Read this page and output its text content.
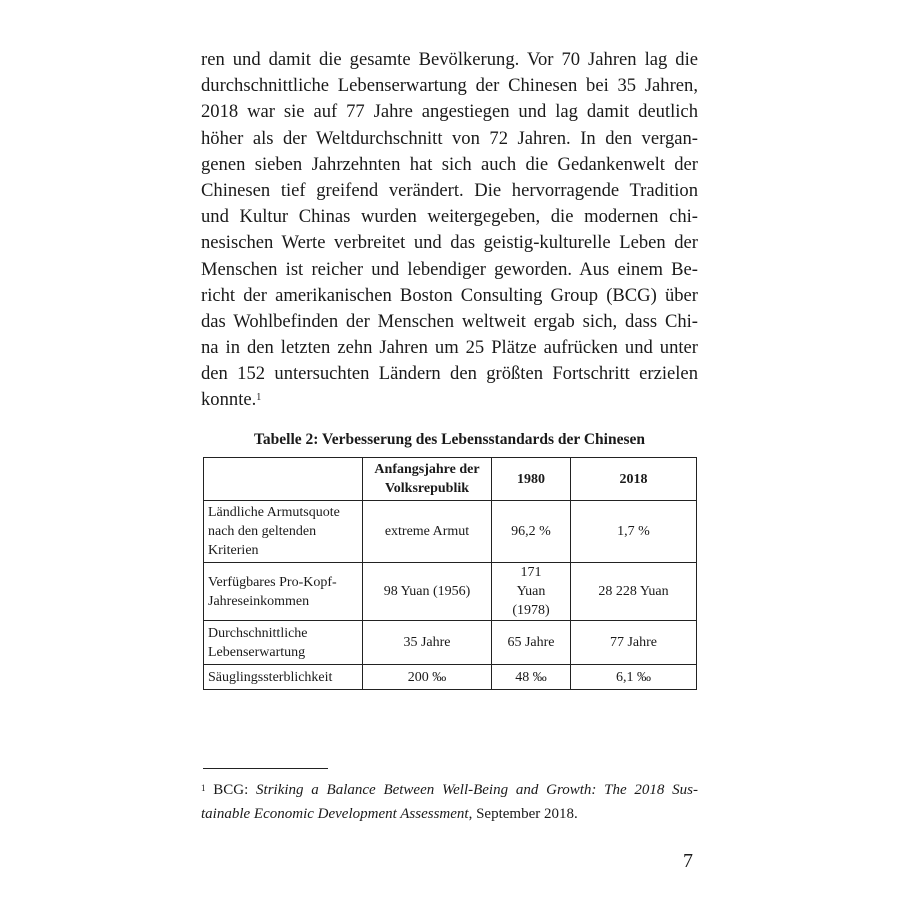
ren und damit die gesamte Bevölkerung. Vor 70 Jahren lag die
durchschnittliche Lebenserwartung der Chinesen bei 35 Jahren,
2018 war sie auf 77 Jahre angestiegen und lag damit deutlich
höher als der Weltdurchschnitt von 72 Jahren. In den vergan-
genen sieben Jahrzehnten hat sich auch die Gedankenwelt der
Chinesen tief greifend verändert. Die hervorragende Tradition
und Kultur Chinas wurden weitergegeben, die modernen chi-
nesischen Werte verbreitet und das geistig-kulturelle Leben der
Menschen ist reicher und lebendiger geworden. Aus einem Be-
richt der amerikanischen Boston Consulting Group (BCG) über
das Wohlbefinden der Menschen weltweit ergab sich, dass Chi-
na in den letzten zehn Jahren um 25 Plätze aufrücken und unter
den 152 untersuchten Ländern den größten Fortschritt erzielen
konnte.$^1$
Tabelle 2: Verbesserung des Lebensstandards der Chinesen
	Anfangsjahre der Volksrepublik	1980	2018
Ländliche Armutsquote nach den geltenden Kriterien	extreme Armut	96,2 %	1,7 %
Verfügbares Pro-Kopf-Jahreseinkommen	98 Yuan (1956)	171 Yuan (1978)	28 228 Yuan
Durchschnittliche Lebenserwartung	35 Jahre	65 Jahre	77 Jahre
Säuglingssterblichkeit	200 ‰	48 ‰	6,1 ‰
$^1$ BCG: Striking a Balance Between Well-Being and Growth: The 2018 Sus-
tainable Economic Development Assessment, September 2018.
7
